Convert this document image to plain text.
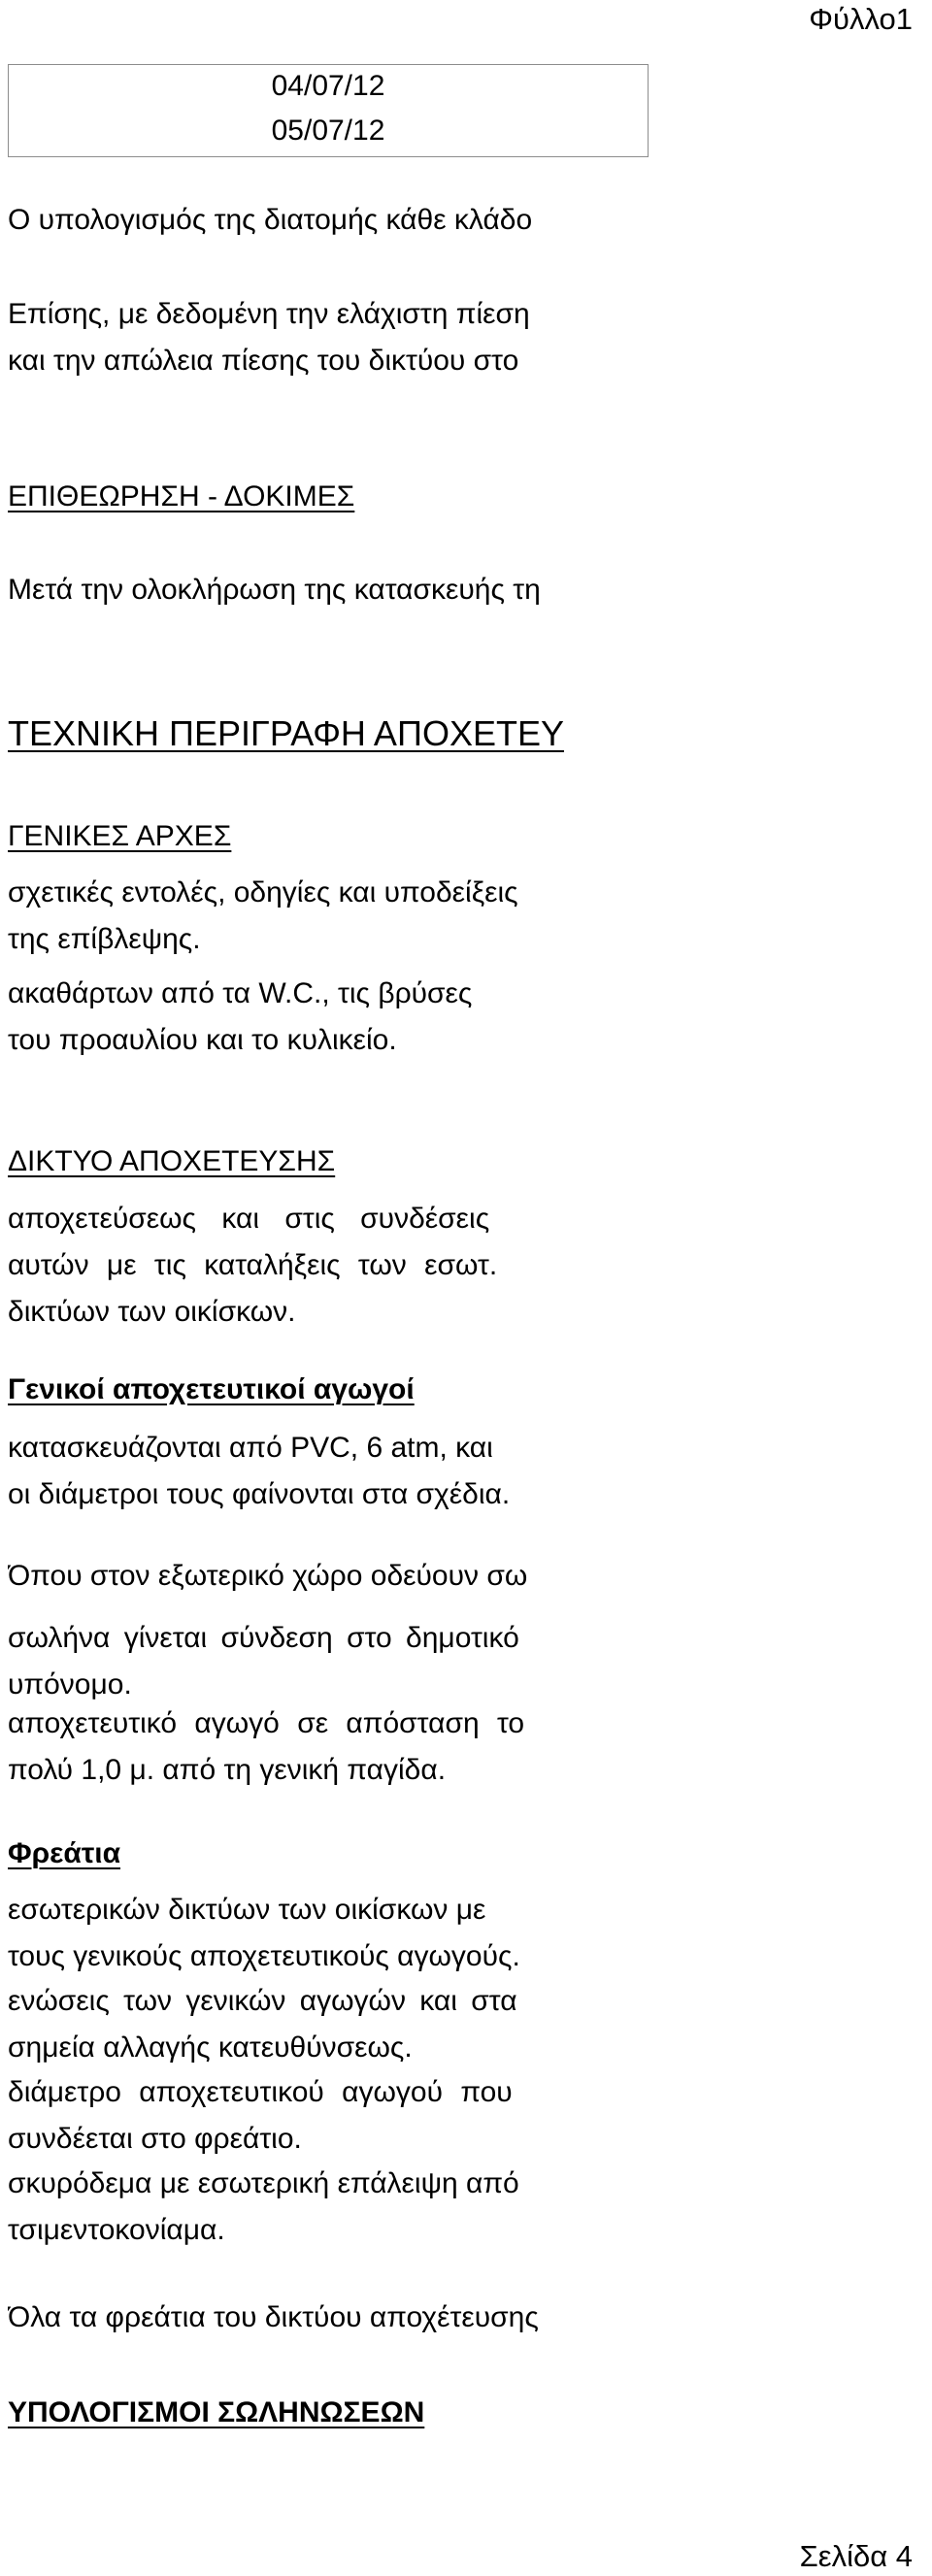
Φύλλο1
04/07/12
05/07/12
Ο υπολογισμός της διατομής κάθε κλάδο
Επίσης, με δεδομένη την ελάχιστη πίεση
και την απώλεια πίεσης του δικτύου στο
ΕΠΙΘΕΩΡΗΣΗ - ΔΟΚΙΜΕΣ
Μετά την ολοκλήρωση της κατασκευής τη
ΤΕΧΝΙΚΗ ΠΕΡΙΓΡΑΦΗ ΑΠΟΧΕΤΕΥ
ΓΕΝΙΚΕΣ ΑΡΧΕΣ
σχετικές εντολές, οδηγίες και υποδείξεις
της επίβλεψης.
ακαθάρτων από τα W.C., τις βρύσες
του προαυλίου και το κυλικείο.
ΔΙΚΤΥΟ ΑΠΟΧΕΤΕΥΣΗΣ
αποχετεύσεως και στις συνδέσεις
αυτών με τις καταλήξεις των εσωτ.
δικτύων των οικίσκων.
Γενικοί αποχετευτικοί αγωγοί
κατασκευάζονται από PVC, 6 atm, και
οι διάμετροι τους φαίνονται στα σχέδια.
Όπου στον εξωτερικό χώρο οδεύουν σω
σωλήνα γίνεται σύνδεση στο δημοτικό
υπόνομο.
αποχετευτικό αγωγό σε απόσταση το
πολύ 1,0 μ. από τη γενική παγίδα.
Φρεάτια
εσωτερικών δικτύων των οικίσκων με
τους γενικούς αποχετευτικούς αγωγούς.
ενώσεις των γενικών αγωγών και στα
σημεία αλλαγής κατευθύνσεως.
διάμετρο αποχετευτικού αγωγού που
συνδέεται στο φρεάτιο.
σκυρόδεμα με εσωτερική επάλειψη από
τσιμεντοκονίαμα.
Όλα τα φρεάτια του δικτύου αποχέτευσης
ΥΠΟΛΟΓΙΣΜΟΙ ΣΩΛΗΝΩΣΕΩΝ
Σελίδα 4
